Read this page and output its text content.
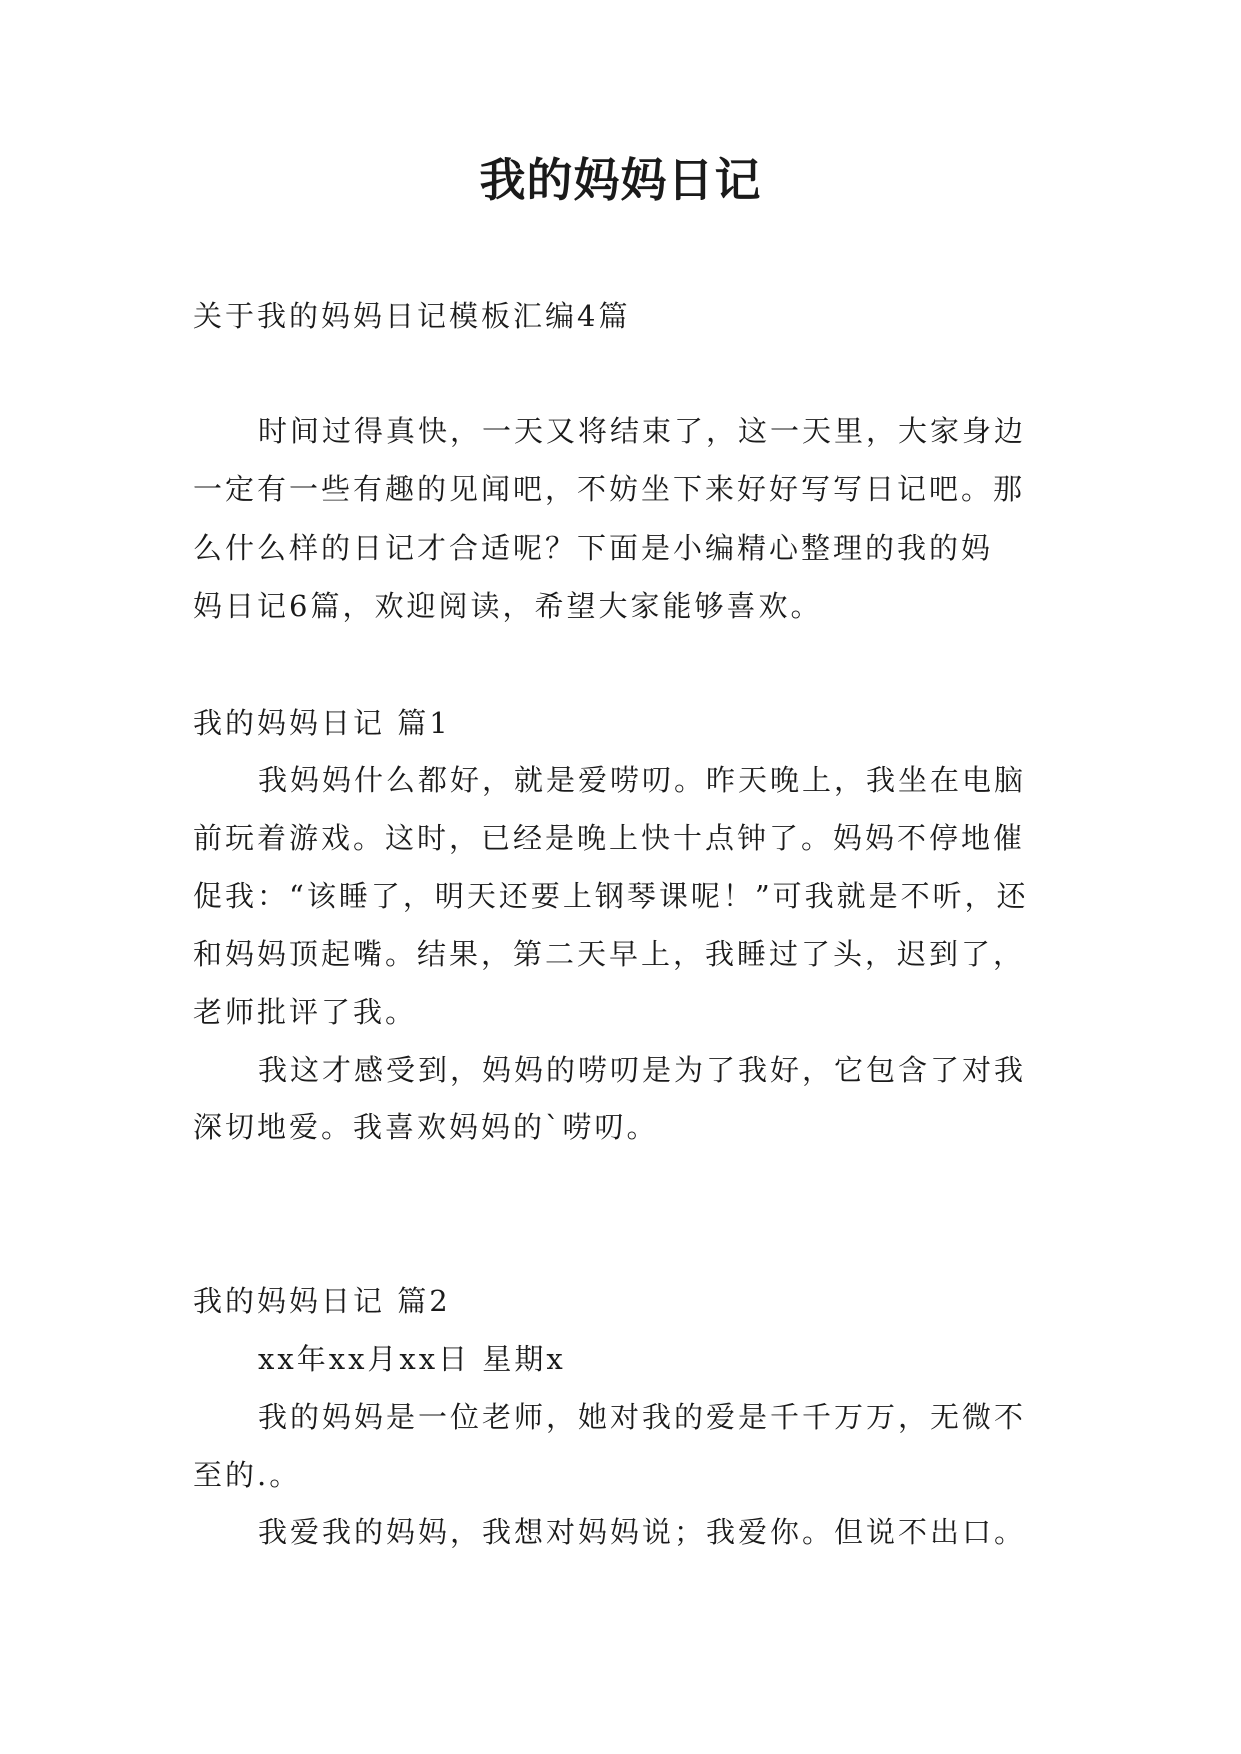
我的妈妈日记
关于我的妈妈日记模板汇编4篇
时间过得真快，一天又将结束了，这一天里，大家身边
一定有一些有趣的见闻吧，不妨坐下来好好写写日记吧。那
么什么样的日记才合适呢？下面是小编精心整理的我的妈
妈日记6篇，欢迎阅读，希望大家能够喜欢。
我的妈妈日记 篇1
我妈妈什么都好，就是爱唠叨。昨天晚上，我坐在电脑
前玩着游戏。这时，已经是晚上快十点钟了。妈妈不停地催
促我：“该睡了，明天还要上钢琴课呢！”可我就是不听，还
和妈妈顶起嘴。结果，第二天早上，我睡过了头，迟到了，
老师批评了我。
我这才感受到，妈妈的唠叨是为了我好，它包含了对我
深切地爱。我喜欢妈妈的`唠叨。
我的妈妈日记 篇2
xx年xx月xx日 星期x
我的妈妈是一位老师，她对我的爱是千千万万，无微不
至的.。
我爱我的妈妈，我想对妈妈说；我爱你。但说不出口。
